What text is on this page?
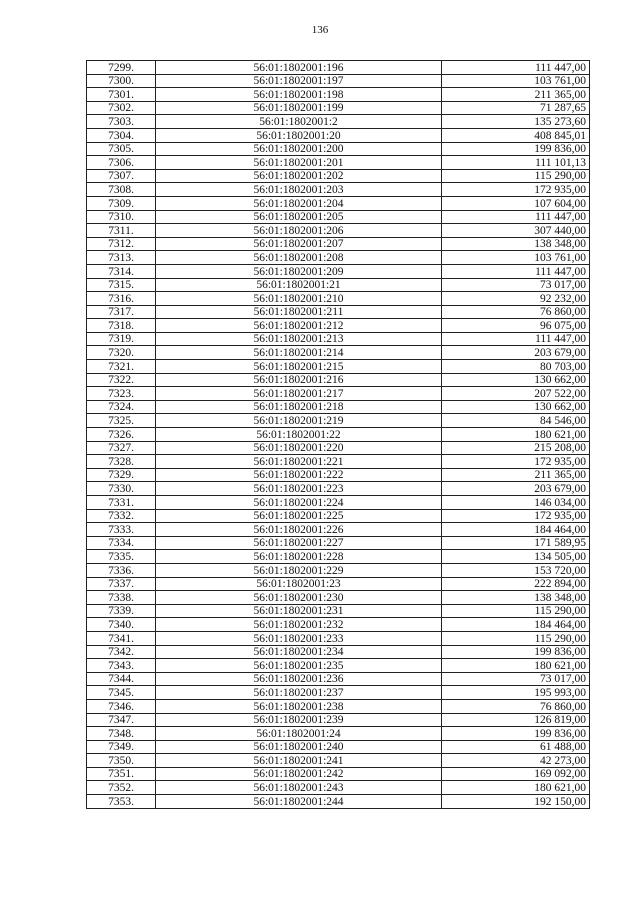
136
7299.	56:01:1802001:196	111 447,00
7300.	56:01:1802001:197	103 761,00
7301.	56:01:1802001:198	211 365,00
7302.	56:01:1802001:199	71 287,65
7303.	56:01:1802001:2	135 273,60
7304.	56:01:1802001:20	408 845,01
7305.	56:01:1802001:200	199 836,00
7306.	56:01:1802001:201	111 101,13
7307.	56:01:1802001:202	115 290,00
7308.	56:01:1802001:203	172 935,00
7309.	56:01:1802001:204	107 604,00
7310.	56:01:1802001:205	111 447,00
7311.	56:01:1802001:206	307 440,00
7312.	56:01:1802001:207	138 348,00
7313.	56:01:1802001:208	103 761,00
7314.	56:01:1802001:209	111 447,00
7315.	56:01:1802001:21	73 017,00
7316.	56:01:1802001:210	92 232,00
7317.	56:01:1802001:211	76 860,00
7318.	56:01:1802001:212	96 075,00
7319.	56:01:1802001:213	111 447,00
7320.	56:01:1802001:214	203 679,00
7321.	56:01:1802001:215	80 703,00
7322.	56:01:1802001:216	130 662,00
7323.	56:01:1802001:217	207 522,00
7324.	56:01:1802001:218	130 662,00
7325.	56:01:1802001:219	84 546,00
7326.	56:01:1802001:22	180 621,00
7327.	56:01:1802001:220	215 208,00
7328.	56:01:1802001:221	172 935,00
7329.	56:01:1802001:222	211 365,00
7330.	56:01:1802001:223	203 679,00
7331.	56:01:1802001:224	146 034,00
7332.	56:01:1802001:225	172 935,00
7333.	56:01:1802001:226	184 464,00
7334.	56:01:1802001:227	171 589,95
7335.	56:01:1802001:228	134 505,00
7336.	56:01:1802001:229	153 720,00
7337.	56:01:1802001:23	222 894,00
7338.	56:01:1802001:230	138 348,00
7339.	56:01:1802001:231	115 290,00
7340.	56:01:1802001:232	184 464,00
7341.	56:01:1802001:233	115 290,00
7342.	56:01:1802001:234	199 836,00
7343.	56:01:1802001:235	180 621,00
7344.	56:01:1802001:236	73 017,00
7345.	56:01:1802001:237	195 993,00
7346.	56:01:1802001:238	76 860,00
7347.	56:01:1802001:239	126 819,00
7348.	56:01:1802001:24	199 836,00
7349.	56:01:1802001:240	61 488,00
7350.	56:01:1802001:241	42 273,00
7351.	56:01:1802001:242	169 092,00
7352.	56:01:1802001:243	180 621,00
7353.	56:01:1802001:244	192 150,00
